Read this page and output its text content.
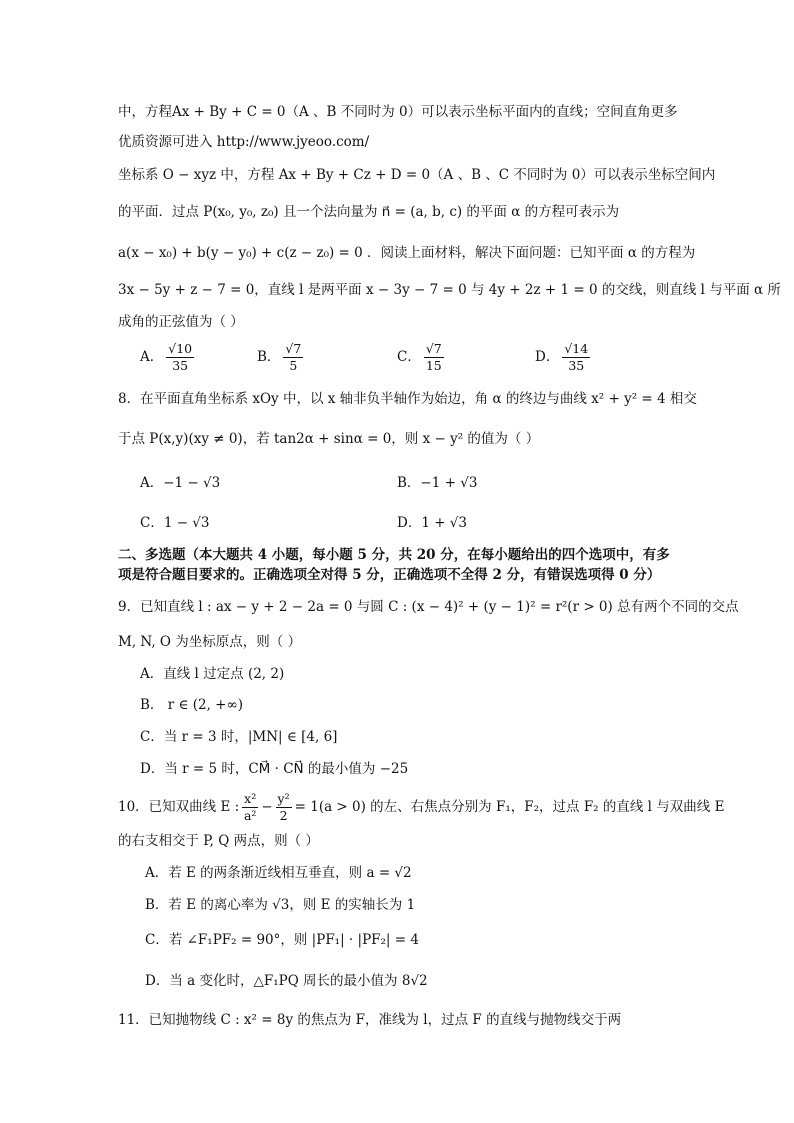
中，方程Ax + By + C = 0（A 、B 不同时为 0）可以表示坐标平面内的直线；空间直角更多
优质资源可进入 http://www.jyeoo.com/
坐标系 O − xyz 中，方程 Ax + By + Cz + D = 0（A 、B 、C 不同时为 0）可以表示坐标空间内
的平面．过点 P(x₀, y₀, z₀) 且一个法向量为 n⃗ = (a, b, c) 的平面 α 的方程可表示为
a(x − x₀) + b(y − y₀) + c(z − z₀) = 0 ．阅读上面材料，解决下面问题：已知平面 α 的方程为
3x − 5y + z − 7 = 0，直线 l 是两平面 x − 3y − 7 = 0 与 4y + 2z + 1 = 0 的交线，则直线 l 与平面 α 所
成角的正弦值为（ ）
A． $\frac{√10}{35}$	B． $\frac{√7}{5}$	C． $\frac{√7}{15}$	D． $\frac{√14}{35}$
8．在平面直角坐标系 xOy 中，以 x 轴非负半轴作为始边，角 α 的终边与曲线 x² + y² = 4 相交
于点 P(x,y)(xy ≠ 0)，若 tan2α + sinα = 0，则 x − y² 的值为（ ）
A．−1 − √3	B．−1 + √3
C．1 − √3	D．1 + √3
二、多选题（本大题共 4 小题，每小题 5 分，共 20 分，在每小题给出的四个选项中，有多
项是符合题目要求的。正确选项全对得 5 分，正确选项不全得 2 分，有错误选项得 0 分）
9．已知直线 l : ax − y + 2 − 2a = 0 与圆 C : (x − 4)² + (y − 1)² = r²(r > 0) 总有两个不同的交点
M, N, O 为坐标原点，则（ ）
A．直线 l 过定点 (2, 2)
B． r ∈ (2, +∞)
C．当 r = 3 时，|MN| ∈ [4, 6]
D．当 r = 5 时，CM⃗ · CN⃗ 的最小值为 −25
10．已知双曲线 E : $\frac{\text{x²}}{\text{a²}} - \frac{\text{y²}}{2} = 1(a > 0)$ 的左、右焦点分别为 F₁，F₂，过点 F₂ 的直线 l 与双曲线 E
的右支相交于 P, Q 两点，则（ ）
A．若 E 的两条渐近线相互垂直，则 a = √2
B．若 E 的离心率为 √3，则 E 的实轴长为 1
C．若 ∠F₁PF₂ = 90°，则 |PF₁| · |PF₂| = 4
D．当 a 变化时，△F₁PQ 周长的最小值为 8√2
11．已知抛物线 C : x² = 8y 的焦点为 F，准线为 l，过点 F 的直线与抛物线交于两
